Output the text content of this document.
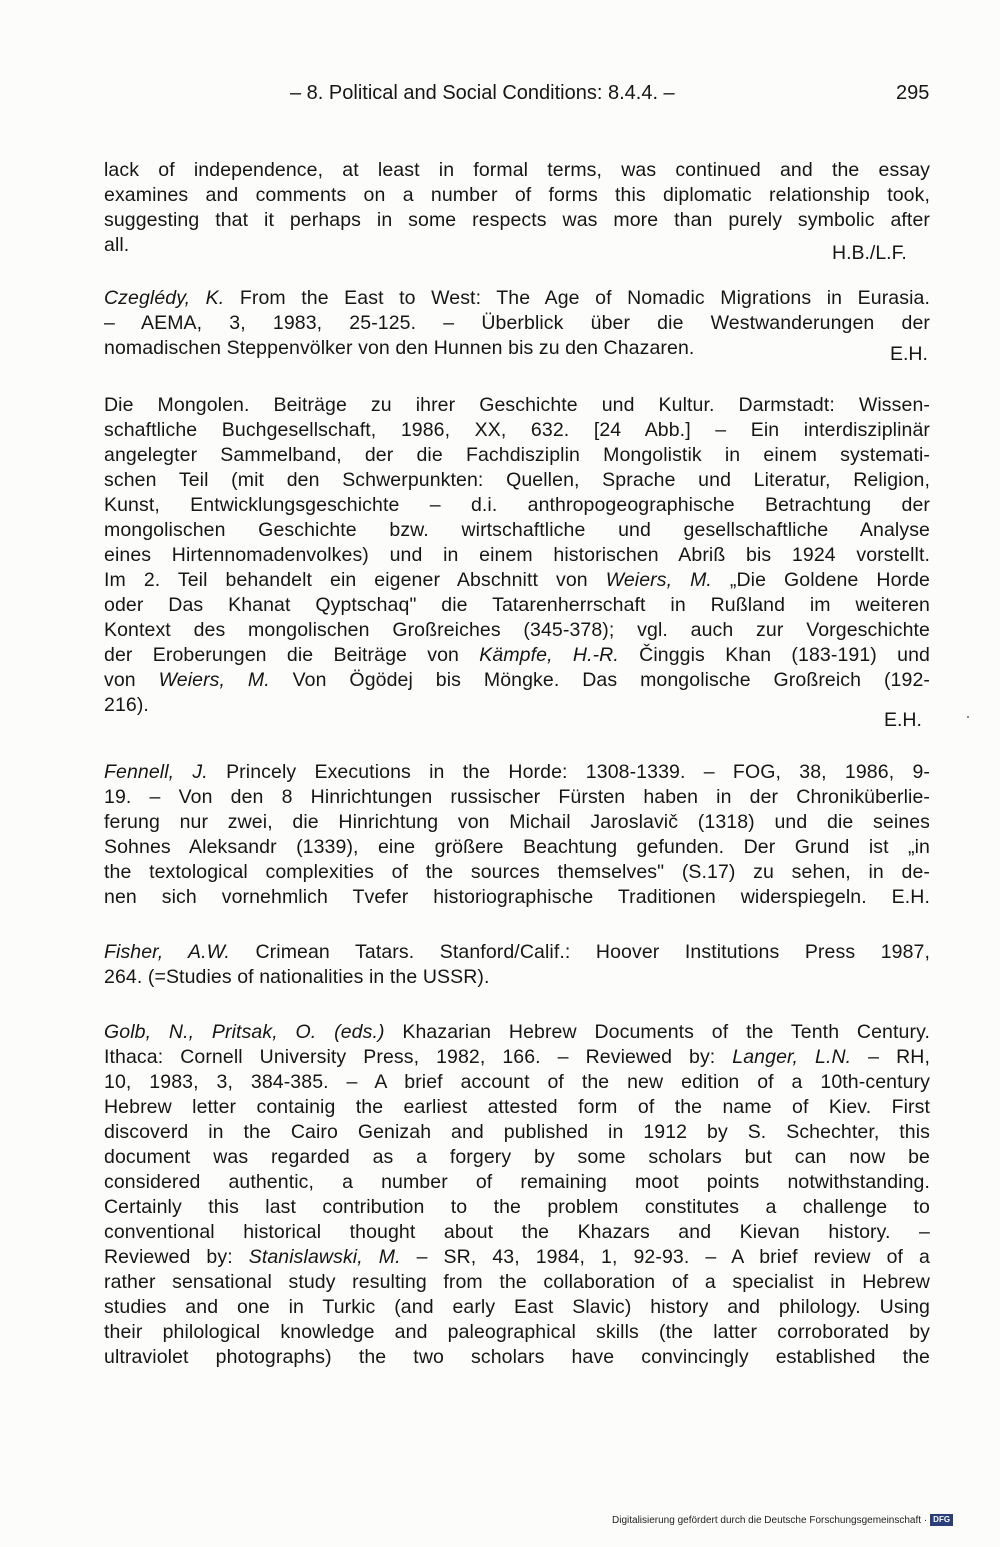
– 8. Political and Social Conditions: 8.4.4. –	295
lack of independence, at least in formal terms, was continued and the essay
examines and comments on a number of forms this diplomatic relationship took,
suggesting that it perhaps in some respects was more than purely symbolic after
all.	H.B./L.F.
Czeglédy, K. From the East to West: The Age of Nomadic Migrations in Eurasia.
– AEMA, 3, 1983, 25-125. – Überblick über die Westwanderungen der
nomadischen Steppenvölker von den Hunnen bis zu den Chazaren.	E.H.
Die Mongolen. Beiträge zu ihrer Geschichte und Kultur. Darmstadt: Wissen-
schaftliche Buchgesellschaft, 1986, XX, 632. [24 Abb.] – Ein interdisziplinär
angelegter Sammelband, der die Fachdisziplin Mongolistik in einem systemati-
schen Teil (mit den Schwerpunkten: Quellen, Sprache und Literatur, Religion,
Kunst, Entwicklungsgeschichte – d.i. anthropogeographische Betrachtung der
mongolischen Geschichte bzw. wirtschaftliche und gesellschaftliche Analyse
eines Hirtennomadenvolkes) und in einem historischen Abriß bis 1924 vorstellt.
Im 2. Teil behandelt ein eigener Abschnitt von Weiers, M. „Die Goldene Horde
oder Das Khanat Qyptschaq" die Tatarenherrschaft in Rußland im weiteren
Kontext des mongolischen Großreiches (345-378); vgl. auch zur Vorgeschichte
der Eroberungen die Beiträge von Kämpfe, H.-R. Činggis Khan (183-191) und
von Weiers, M. Von Ögödej bis Möngke. Das mongolische Großreich (192-
216).
E.H.
Fennell, J. Princely Executions in the Horde: 1308-1339. – FOG, 38, 1986, 9-
19. – Von den 8 Hinrichtungen russischer Fürsten haben in der Chroniküberlie-
ferung nur zwei, die Hinrichtung von Michail Jaroslavič (1318) und die seines
Sohnes Aleksandr (1339), eine größere Beachtung gefunden. Der Grund ist „in
the textological complexities of the sources themselves" (S.17) zu sehen, in de-
nen sich vornehmlich Tvefer historiographische Traditionen widerspiegeln. E.H.
Fisher, A.W. Crimean Tatars. Stanford/Calif.: Hoover Institutions Press 1987,
264. (=Studies of nationalities in the USSR).
Golb, N., Pritsak, O. (eds.) Khazarian Hebrew Documents of the Tenth Century.
Ithaca: Cornell University Press, 1982, 166. – Reviewed by: Langer, L.N. – RH,
10, 1983, 3, 384-385. – A brief account of the new edition of a 10th-century
Hebrew letter containig the earliest attested form of the name of Kiev. First
discoverd in the Cairo Genizah and published in 1912 by S. Schechter, this
document was regarded as a forgery by some scholars but can now be
considered authentic, a number of remaining moot points notwithstanding.
Certainly this last contribution to the problem constitutes a challenge to
conventional historical thought about the Khazars and Kievan history. –
Reviewed by: Stanislawski, M. – SR, 43, 1984, 1, 92-93. – A brief review of a
rather sensational study resulting from the collaboration of a specialist in Hebrew
studies and one in Turkic (and early East Slavic) history and philology. Using
their philological knowledge and paleographical skills (the latter corroborated by
ultraviolet photographs) the two scholars have convincingly established the
Digitalisierung gefördert durch die Deutsche Forschungsgemeinschaft · DFG
